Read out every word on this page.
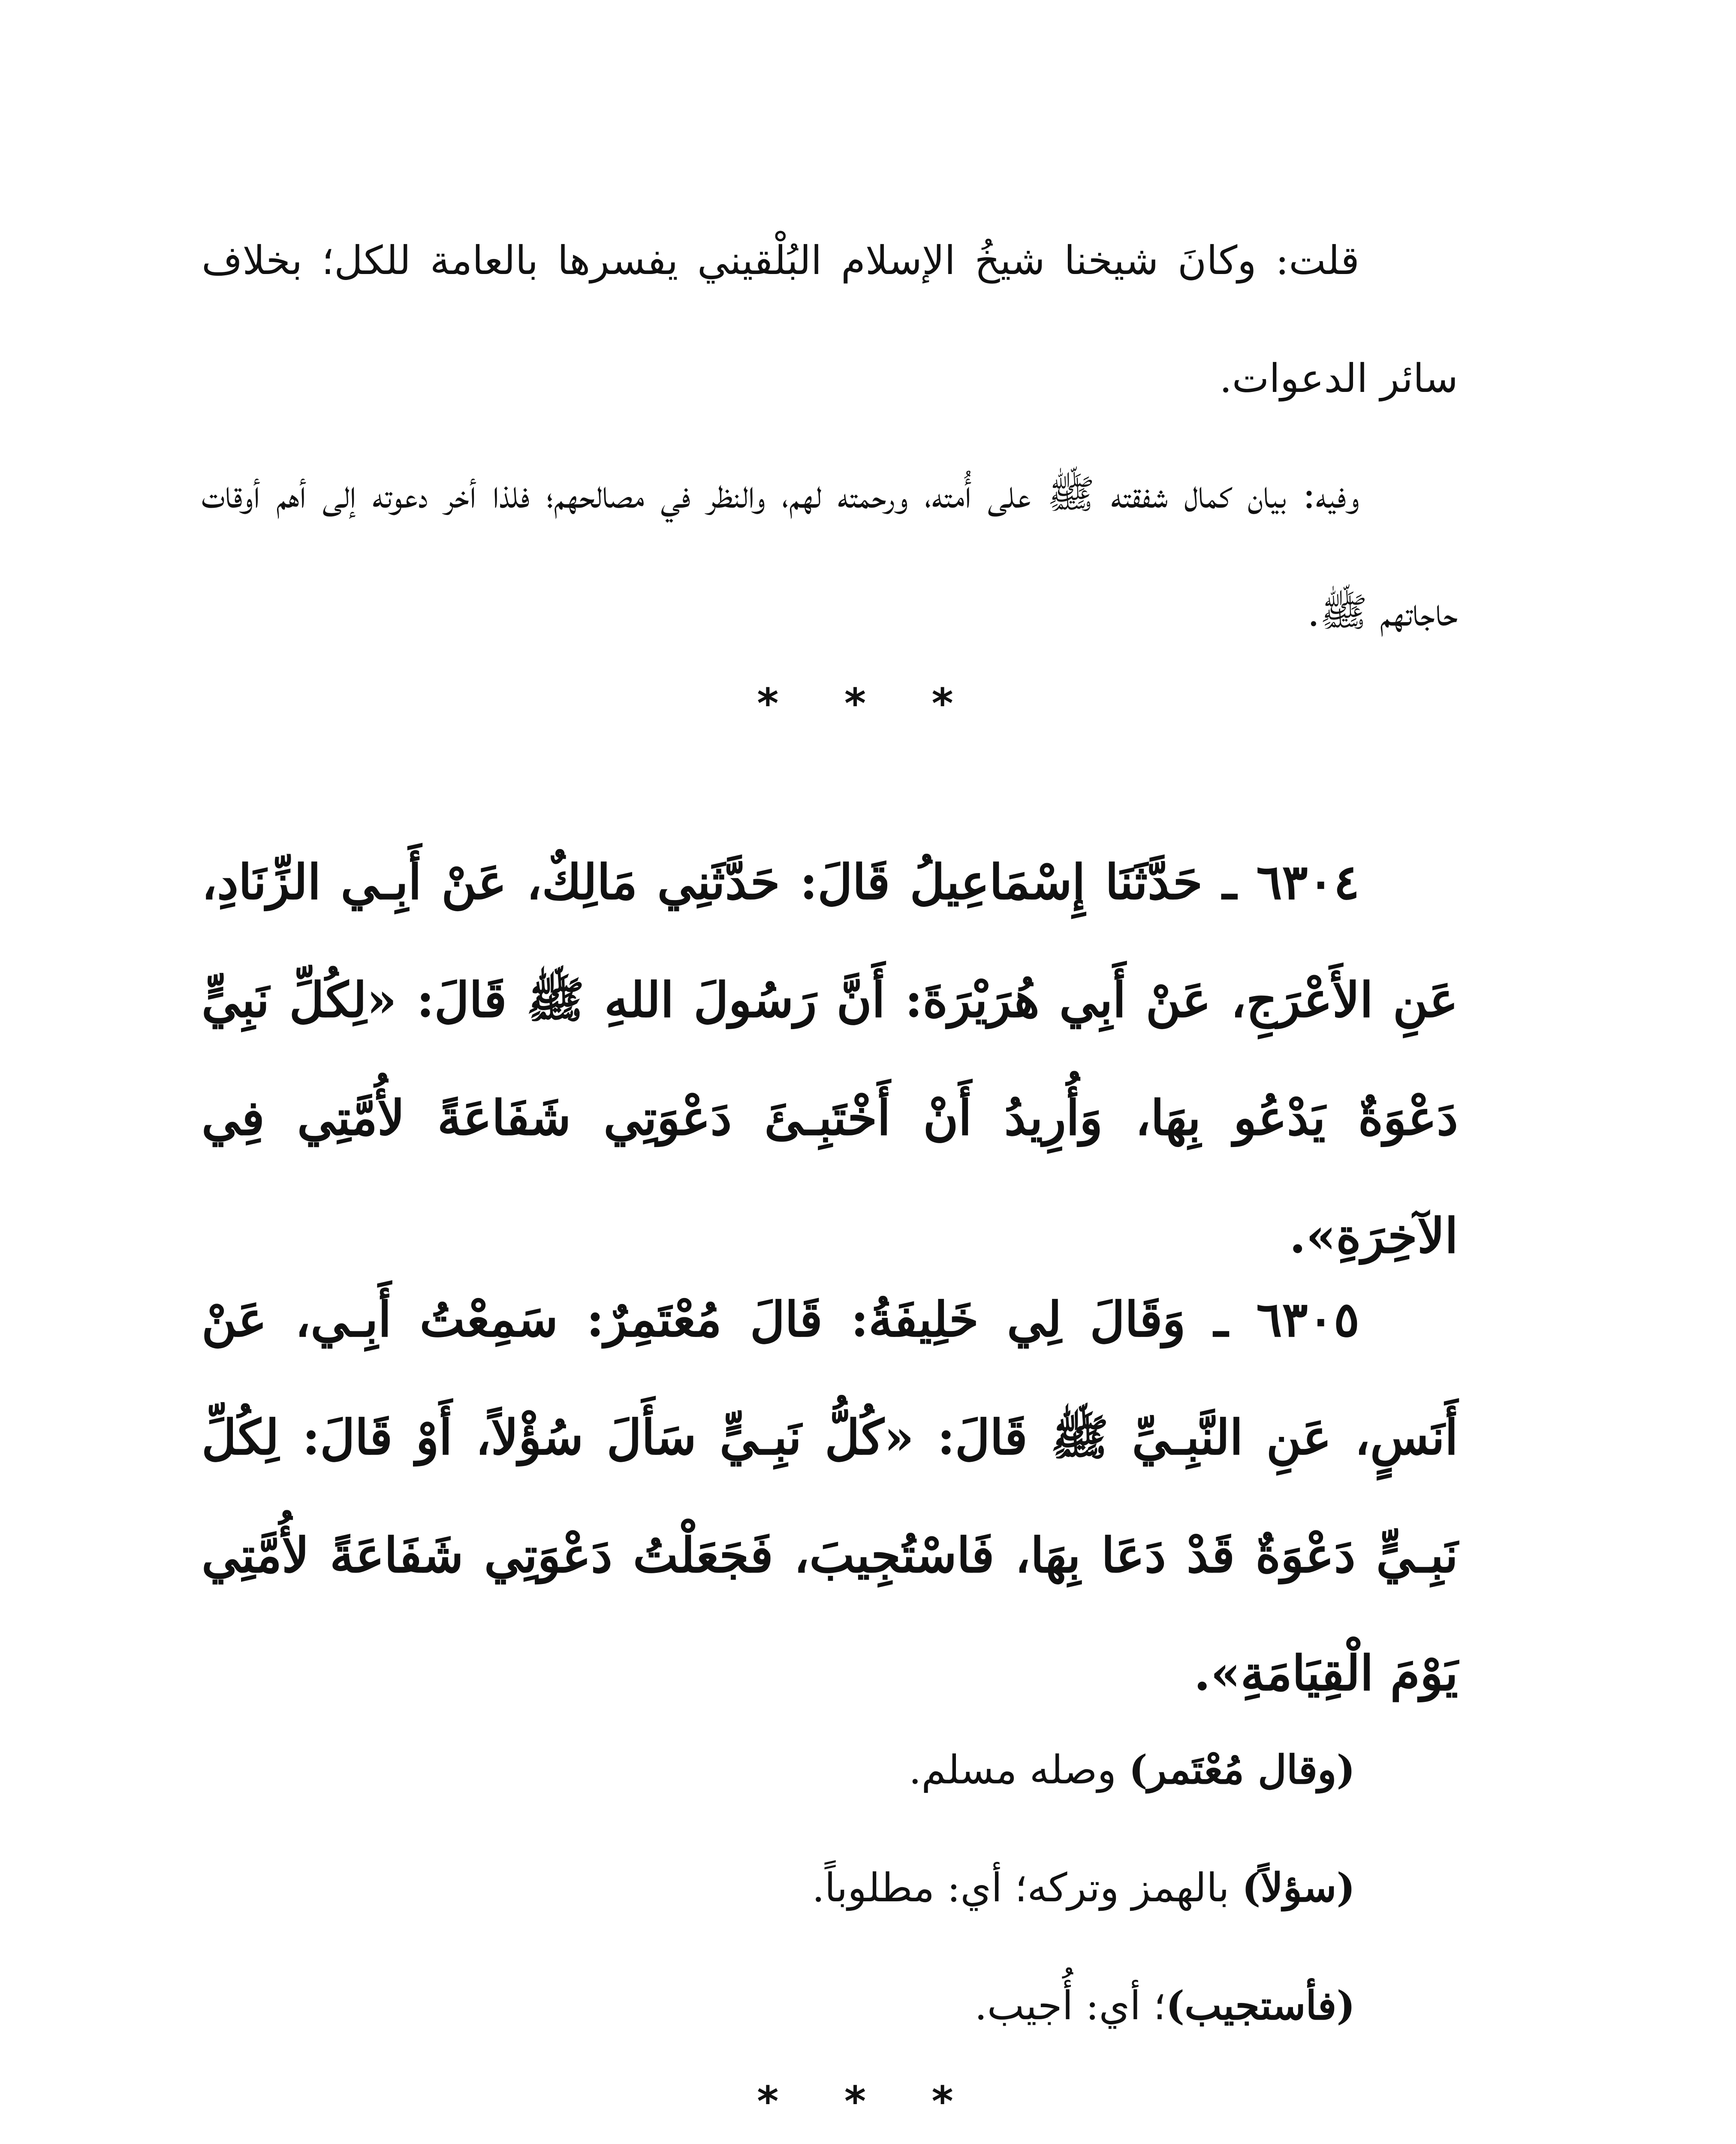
قلت: وكانَ شيخنا شيخُ الإسلام البُلْقيني يفسرها بالعامة للكل؛ بخلاف سائر الدعوات.
وفيه: بيان كمال شفقته ﷺ على أُمته، ورحمته لهم، والنظر في مصالحهم؛ فلذا أخر دعوته إلى أهم أوقات حاجاتهم ﷺ.
* * *
٦٣٠٤ ـ حَدَّثَنَا إِسْمَاعِيلُ قَالَ: حَدَّثَنِي مَالِكٌ، عَنْ أَبِـي الزِّنَادِ، عَنِ الأَعْرَجِ، عَنْ أَبِي هُرَيْرَةَ: أَنَّ رَسُولَ اللهِ ﷺ قَالَ: «لِكُلِّ نَبِيٍّ دَعْوَةٌ يَدْعُو بِهَا، وَأُرِيدُ أَنْ أَخْتَبِـئَ دَعْوَتِي شَفَاعَةً لأُمَّتِي فِي الآخِرَةِ».
٦٣٠٥ ـ وَقَالَ لِي خَلِيفَةُ: قَالَ مُعْتَمِرٌ: سَمِعْتُ أَبِـي، عَنْ أَنَسٍ، عَنِ النَّبِـيِّ ﷺ قَالَ: «كُلُّ نَبِـيٍّ سَأَلَ سُؤْلاً، أَوْ قَالَ: لِكُلِّ نَبِـيٍّ دَعْوَةٌ قَدْ دَعَا بِهَا، فَاسْتُجِيبَ، فَجَعَلْتُ دَعْوَتِي شَفَاعَةً لأُمَّتِي يَوْمَ الْقِيَامَةِ».

(وقال مُعْتَمر) وصله مسلم.

(سؤلاً) بالهمز وتركه؛ أي: مطلوباً.

(فأستجيب)؛ أي: أُجيب.

* * *
